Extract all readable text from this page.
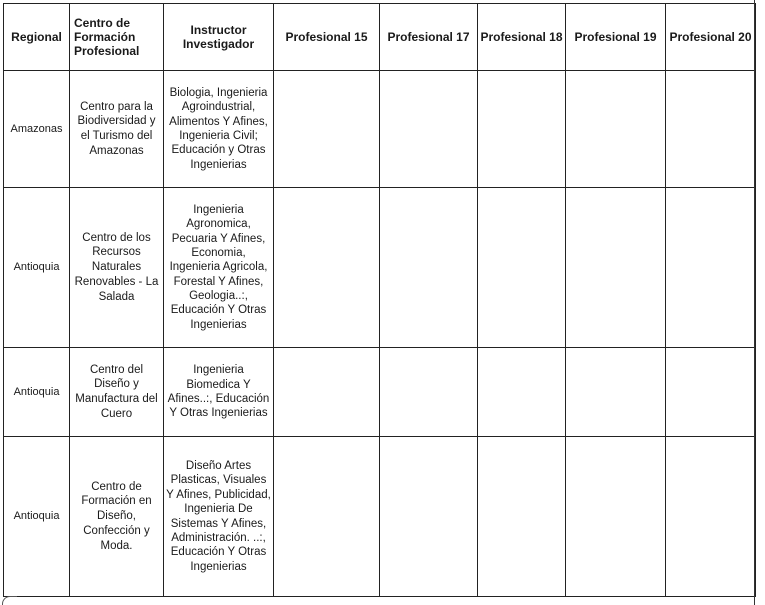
Regional	Centro de Formación Profesional	Instructor Investigador	Profesional 15	Profesional 17	Profesional 18	Profesional 19	Profesional 20
Amazonas	Centro para la Biodiversidad y el Turismo del Amazonas	Biologia, Ingenieria Agroindustrial, Alimentos Y Afines, Ingenieria Civil; Educación y Otras Ingenierias					
Antioquia	Centro de los Recursos Naturales Renovables - La Salada	Ingenieria Agronomica, Pecuaria Y Afines, Economia, Ingenieria Agricola, Forestal Y Afines, Geologia..:, Educación Y Otras Ingenierias					
Antioquia	Centro del Diseño y Manufactura del Cuero	Ingenieria Biomedica Y Afines..:, Educación Y Otras Ingenierias					
Antioquia	Centro de Formación en Diseño, Confección y Moda.	Diseño Artes Plasticas, Visuales Y Afines, Publicidad, Ingenieria De Sistemas Y Afines, Administración. ..:, Educación Y Otras Ingenierias					
